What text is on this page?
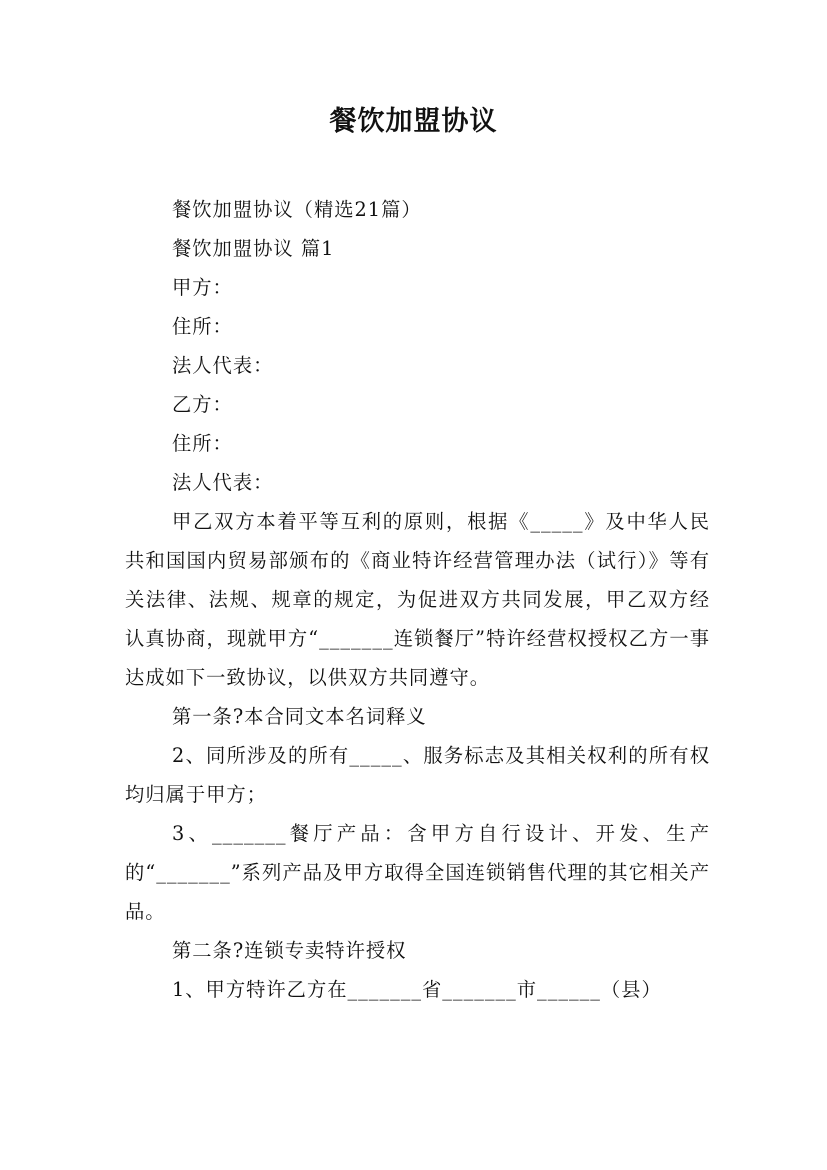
餐饮加盟协议
餐饮加盟协议（精选21篇）
餐饮加盟协议 篇1
甲方：
住所：
法人代表：
乙方：
住所：
法人代表：
甲乙双方本着平等互利的原则，根据《_____》及中华人民共和国国内贸易部颁布的《商业特许经营管理办法（试行）》等有关法律、法规、规章的规定，为促进双方共同发展，甲乙双方经认真协商，现就甲方“_______连锁餐厅”特许经营权授权乙方一事达成如下一致协议，以供双方共同遵守。
第一条?本合同文本名词释义
2、同所涉及的所有_____、服务标志及其相关权利的所有权均归属于甲方；
3、_______餐厅产品：含甲方自行设计、开发、生产的“_______”系列产品及甲方取得全国连锁销售代理的其它相关产品。
第二条?连锁专卖特许授权
1、甲方特许乙方在_______省_______市______（县）
